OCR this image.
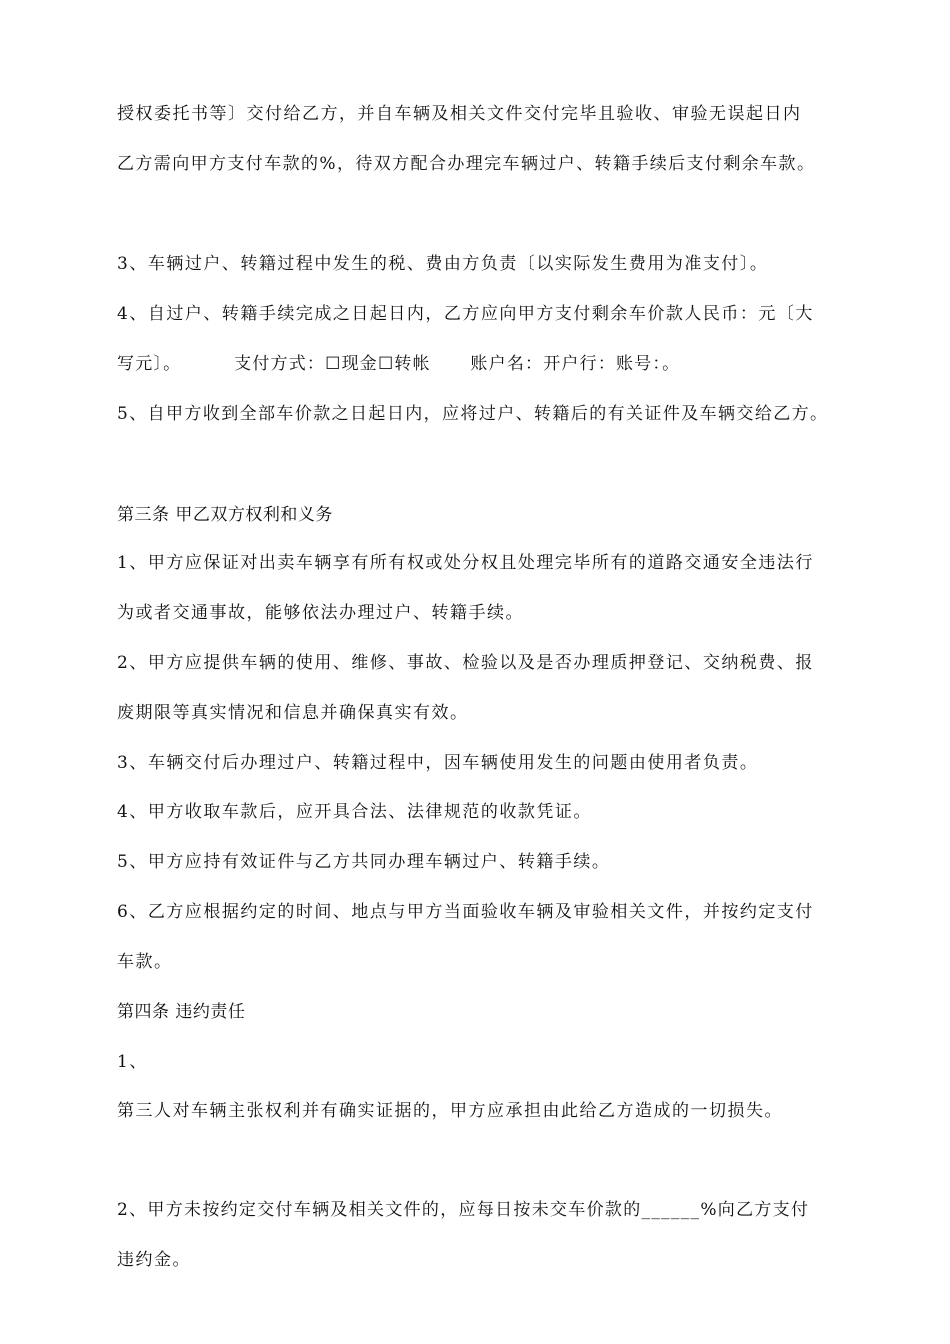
授权委托书等〕交付给乙方，并自车辆及相关文件交付完毕且验收、审验无误起日内
乙方需向甲方支付车款的%，待双方配合办理完车辆过户、转籍手续后支付剩余车款。
3、车辆过户、转籍过程中发生的税、费由方负责〔以实际发生费用为准支付〕。
4、自过户、转籍手续完成之日起日内，乙方应向甲方支付剩余车价款人民币：元〔大
写元〕。        支付方式：☐现金☐转帐      账户名：开户行：账号：。
5、自甲方收到全部车价款之日起日内，应将过户、转籍后的有关证件及车辆交给乙方。
第三条 甲乙双方权利和义务
1、甲方应保证对出卖车辆享有所有权或处分权且处理完毕所有的道路交通安全违法行
为或者交通事故，能够依法办理过户、转籍手续。
2、甲方应提供车辆的使用、维修、事故、检验以及是否办理质押登记、交纳税费、报
废期限等真实情况和信息并确保真实有效。
3、车辆交付后办理过户、转籍过程中，因车辆使用发生的问题由使用者负责。
4、甲方收取车款后，应开具合法、法律规范的收款凭证。
5、甲方应持有效证件与乙方共同办理车辆过户、转籍手续。
6、乙方应根据约定的时间、地点与甲方当面验收车辆及审验相关文件，并按约定支付
车款。
第四条 违约责任
1、
第三人对车辆主张权利并有确实证据的，甲方应承担由此给乙方造成的一切损失。
2、甲方未按约定交付车辆及相关文件的，应每日按未交车价款的______%向乙方支付
违约金。
